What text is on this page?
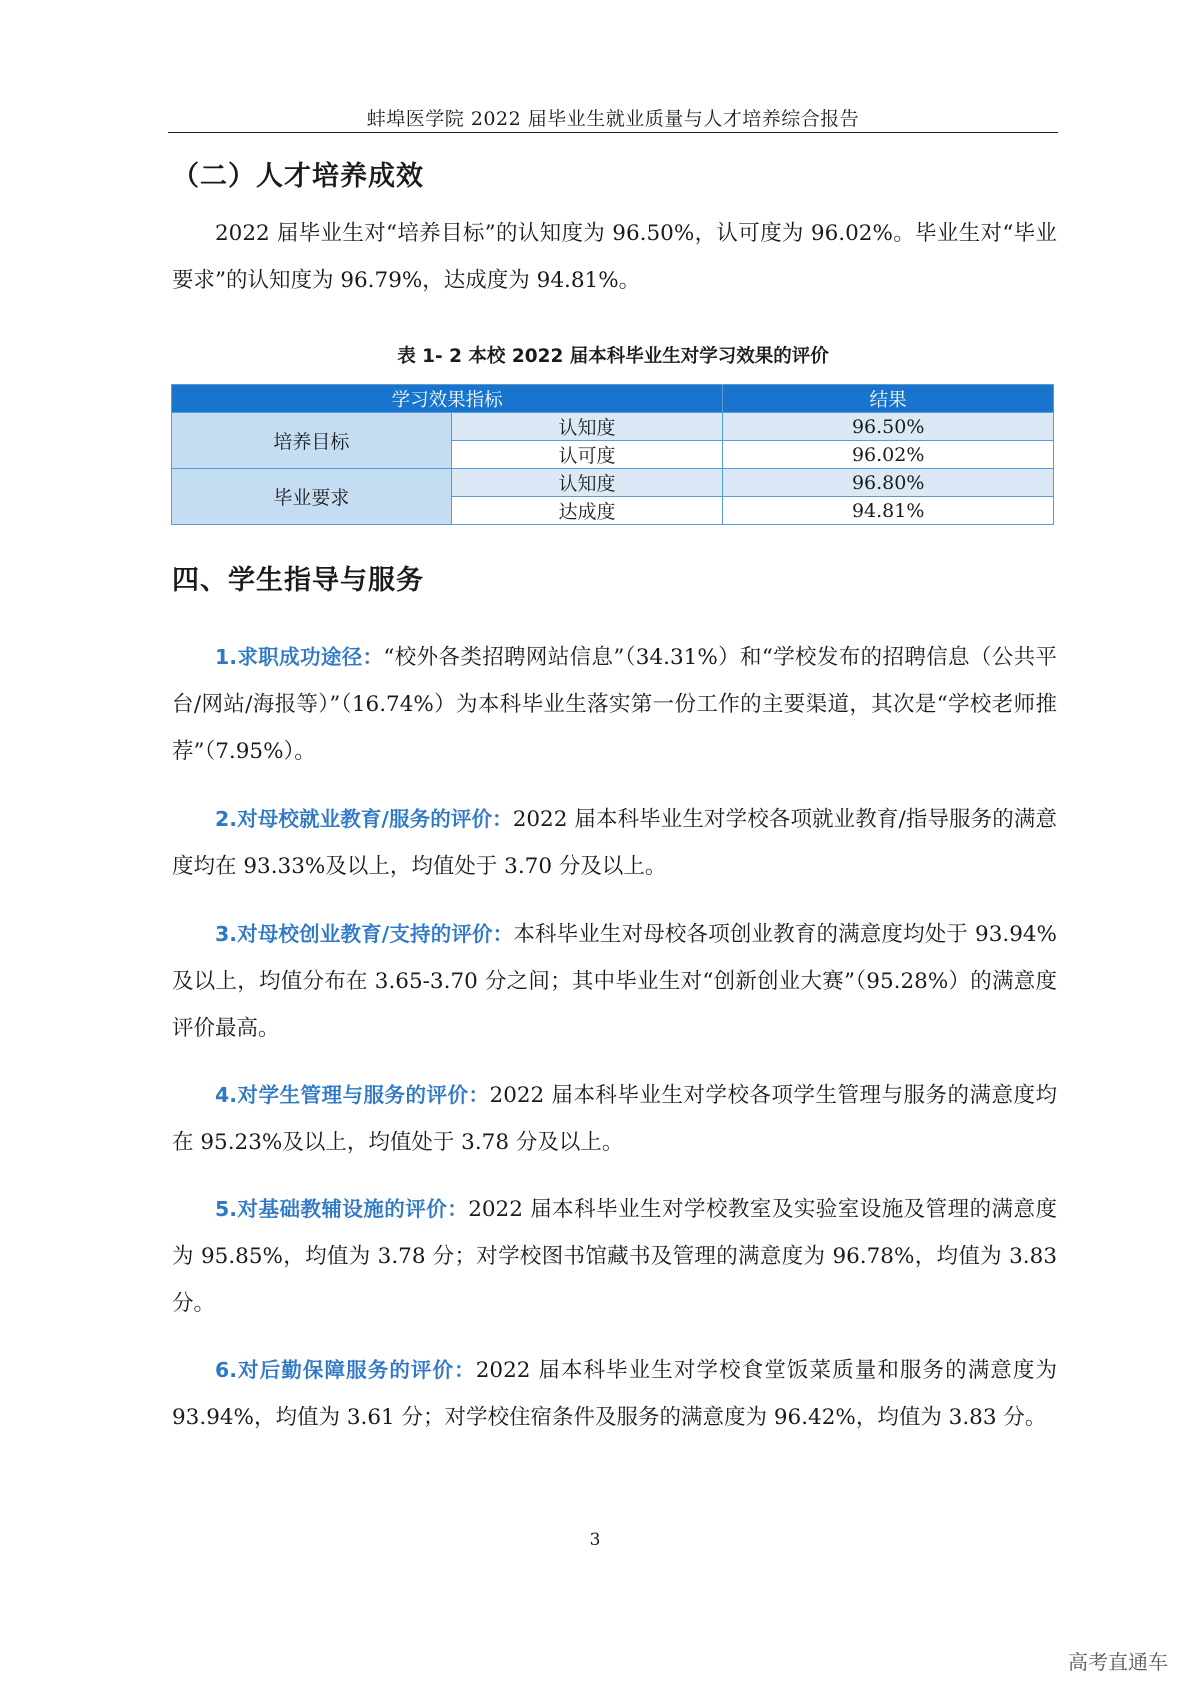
蚌埠医学院 2022 届毕业生就业质量与人才培养综合报告
（二）人才培养成效

2022 届毕业生对“培养目标”的认知度为 96.50%，认可度为 96.02%。毕业生对“毕业要求”的认知度为 96.79%，达成度为 94.81%。

表 1- 2 本校 2022 届本科毕业生对学习效果的评价
学习效果指标		结果
培养目标	认知度	96.50%
	认可度	96.02%
毕业要求	认知度	96.80%
	达成度	94.81%
四、学生指导与服务

1.求职成功途径：“校外各类招聘网站信息”（34.31%）和“学校发布的招聘信息（公共平台/网站/海报等）”（16.74%）为本科毕业生落实第一份工作的主要渠道，其次是“学校老师推荐”（7.95%）。

2.对母校就业教育/服务的评价：2022 届本科毕业生对学校各项就业教育/指导服务的满意度均在 93.33%及以上，均值处于 3.70 分及以上。

3.对母校创业教育/支持的评价：本科毕业生对母校各项创业教育的满意度均处于 93.94%及以上，均值分布在 3.65-3.70 分之间；其中毕业生对“创新创业大赛”（95.28%）的满意度评价最高。

4.对学生管理与服务的评价：2022 届本科毕业生对学校各项学生管理与服务的满意度均在 95.23%及以上，均值处于 3.78 分及以上。

5.对基础教辅设施的评价：2022 届本科毕业生对学校教室及实验室设施及管理的满意度为 95.85%，均值为 3.78 分；对学校图书馆藏书及管理的满意度为 96.78%，均值为 3.83 分。

6.对后勤保障服务的评价：2022 届本科毕业生对学校食堂饭菜质量和服务的满意度为 93.94%，均值为 3.61 分；对学校住宿条件及服务的满意度为 96.42%，均值为 3.83 分。

3
高考直通车
